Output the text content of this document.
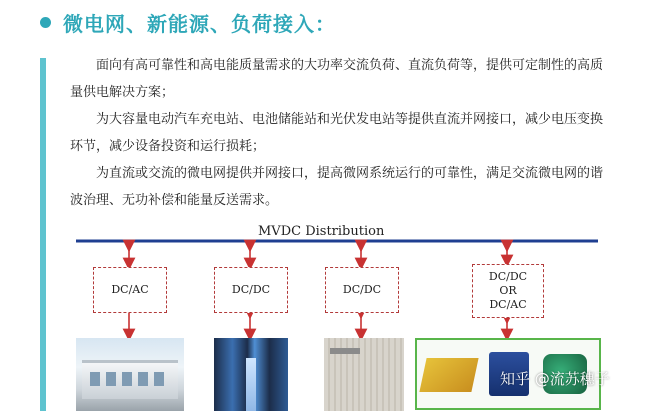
微电网、新能源、负荷接入：

面向有高可靠性和高电能质量需求的大功率交流负荷、直流负荷等，提供可定制性的高质量供电解决方案；

为大容量电动汽车充电站、电池储能站和光伏发电站等提供直流并网接口，减少电压变换环节，减少设备投资和运行损耗；

为直流或交流的微电网提供并网接口，提高微网系统运行的可靠性，满足交流微电网的谐波治理、无功补偿和能量反送需求。

MVDC Distribution
DC/AC	DC/DC	DC/DC
DC/DC
OR
DC/AC
知乎 @流苏穗子
